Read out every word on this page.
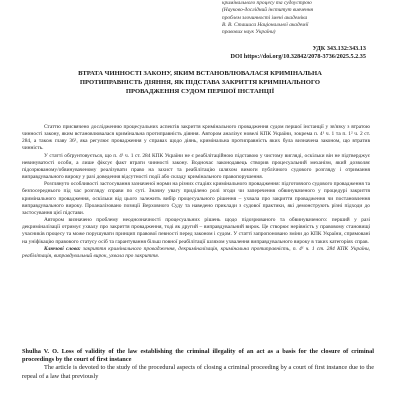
кримінального процесу та судоустрою
(Науково-дослідний інститут вивчення
проблем злочинності імені академіка
В. В. Сташиса Національної академії
правових наук України)
УДК 343.132:343.13
DOI https://doi.org/10.32842/2078-3736/2025.5.2.35
ВТРАТА ЧИННОСТІ ЗАКОНУ, ЯКИМ ВСТАНОВЛЮВАЛАСЯ КРИМІНАЛЬНА
ПРОТИПРАВНІСТЬ ДІЯННЯ, ЯК ПІДСТАВА ЗАКРИТТЯ КРИМІНАЛЬНОГО
ПРОВАДЖЕННЯ СУДОМ ПЕРШОЇ ІНСТАНЦІЇ

Статтю присвячено дослідженню процесуальних аспектів закриття кримінального провадження судом першої інстанції у зв'язку з втратою чинності закону, яким встановлювалася кримінальна протиправність діяння. Автором аналізує новелі КПК України, зокрема п. 4¹ ч. 1 та п. 1² ч. 2 ст. 284, а також главу 36¹, яка регулює провадження у справах щодо діянь, кримінальна протиправність яких була визначена законом, що втратив чинність.

У статті обґрунтовується, що п. 4¹ ч. 1 ст. 284 КПК України не є реабілітаційною підставою у чистому вигляді, оскільки він не підтверджує невинуватості особи, а лише фіксує факт втрати чинності закону. Водночас законодавець створив процесуальний механізм, який дозволяє підозрюваному/обвинуваченому реалізувати право на захист та реабілітацію шляхом вимоги публічного судового розгляду і отримання виправдувального вироку у разі доведення відсутності події або складу кримінального правопорушення.

Розглянуто особливості застосування зазначеної норми на різних стадіях кримінального провадження: підготовчого судового провадження та безпосереднього під час розгляду справи по суті. Значну увагу приділено ролі згоди чи заперечення обвинуваченого у процедурі закриття кримінального провадження, оскільки від цього залежить вибір процесуального рішення – ухвала про закриття провадження чи постановлення виправдувального вироку. Проаналізовано позиції Верховного Суду та наведено приклади з судової практики, які демонструють різні підходи до застосування цієї підстави.

Автором визначено проблему неоднозначності процесуальних рішень щодо підозрюваного та обвинуваченого: перший у разі декриміналізації отримує ухвалу про закриття провадження, тоді як другий – виправдувальний вирок. Це створює нерівність у правовому становищі учасників процесу та може порушувати принцип правової певності перед законом і судом. У статті запропоновано зміни до КПК України, спрямовані на уніфікацію правового статусу осіб та гарантування більш повної реабілітації шляхом ухвалення виправдувального вироку в таких категоріях справ.

Ключові слова: закриття кримінального провадження, декриміналізація, кримінальна протиправність, п. 4¹ ч. 1 ст. 284 КПК України, реабілітація, виправдувальний вирок, ухвала про закриття.

Shulha V. O. Loss of validity of the law establishing the criminal illegality of an act as a basis for the closure of criminal proceedings by the court of first instance
The article is devoted to the study of the procedural aspects of closing a criminal proceeding by a court of first instance due to the repeal of a law that previously
